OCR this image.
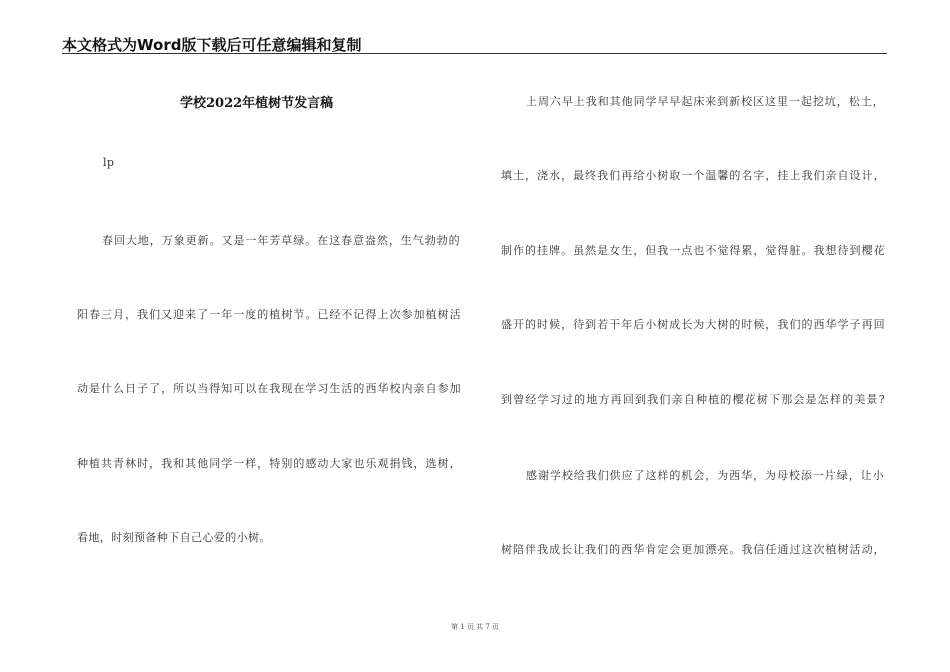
本文格式为Word版下载后可任意编辑和复制
学校2022年植树节发言稿
lp
春回大地，万象更新。又是一年芳草绿。在这春意盎然，生气勃勃的
阳春三月，我们又迎来了一年一度的植树节。已经不记得上次参加植树活
动是什么日子了，所以当得知可以在我现在学习生活的西华校内亲自参加
种植共青林时，我和其他同学一样，特别的感动大家也乐观捐钱，选树，
看地，时刻预备种下自己心爱的小树。
上周六早上我和其他同学早早起床来到新校区这里一起挖坑，松土，
填土，浇水，最终我们再给小树取一个温馨的名字，挂上我们亲自设计，
制作的挂牌。虽然是女生，但我一点也不觉得累，觉得脏。我想待到樱花
盛开的时候，待到若干年后小树成长为大树的时候，我们的西华学子再回
到曾经学习过的地方再回到我们亲自种植的樱花树下那会是怎样的美景?
感谢学校给我们供应了这样的机会，为西华，为母校添一片绿，让小
树陪伴我成长让我们的西华肯定会更加漂亮。我信任通过这次植树活动，
第 1 页 共 7 页
